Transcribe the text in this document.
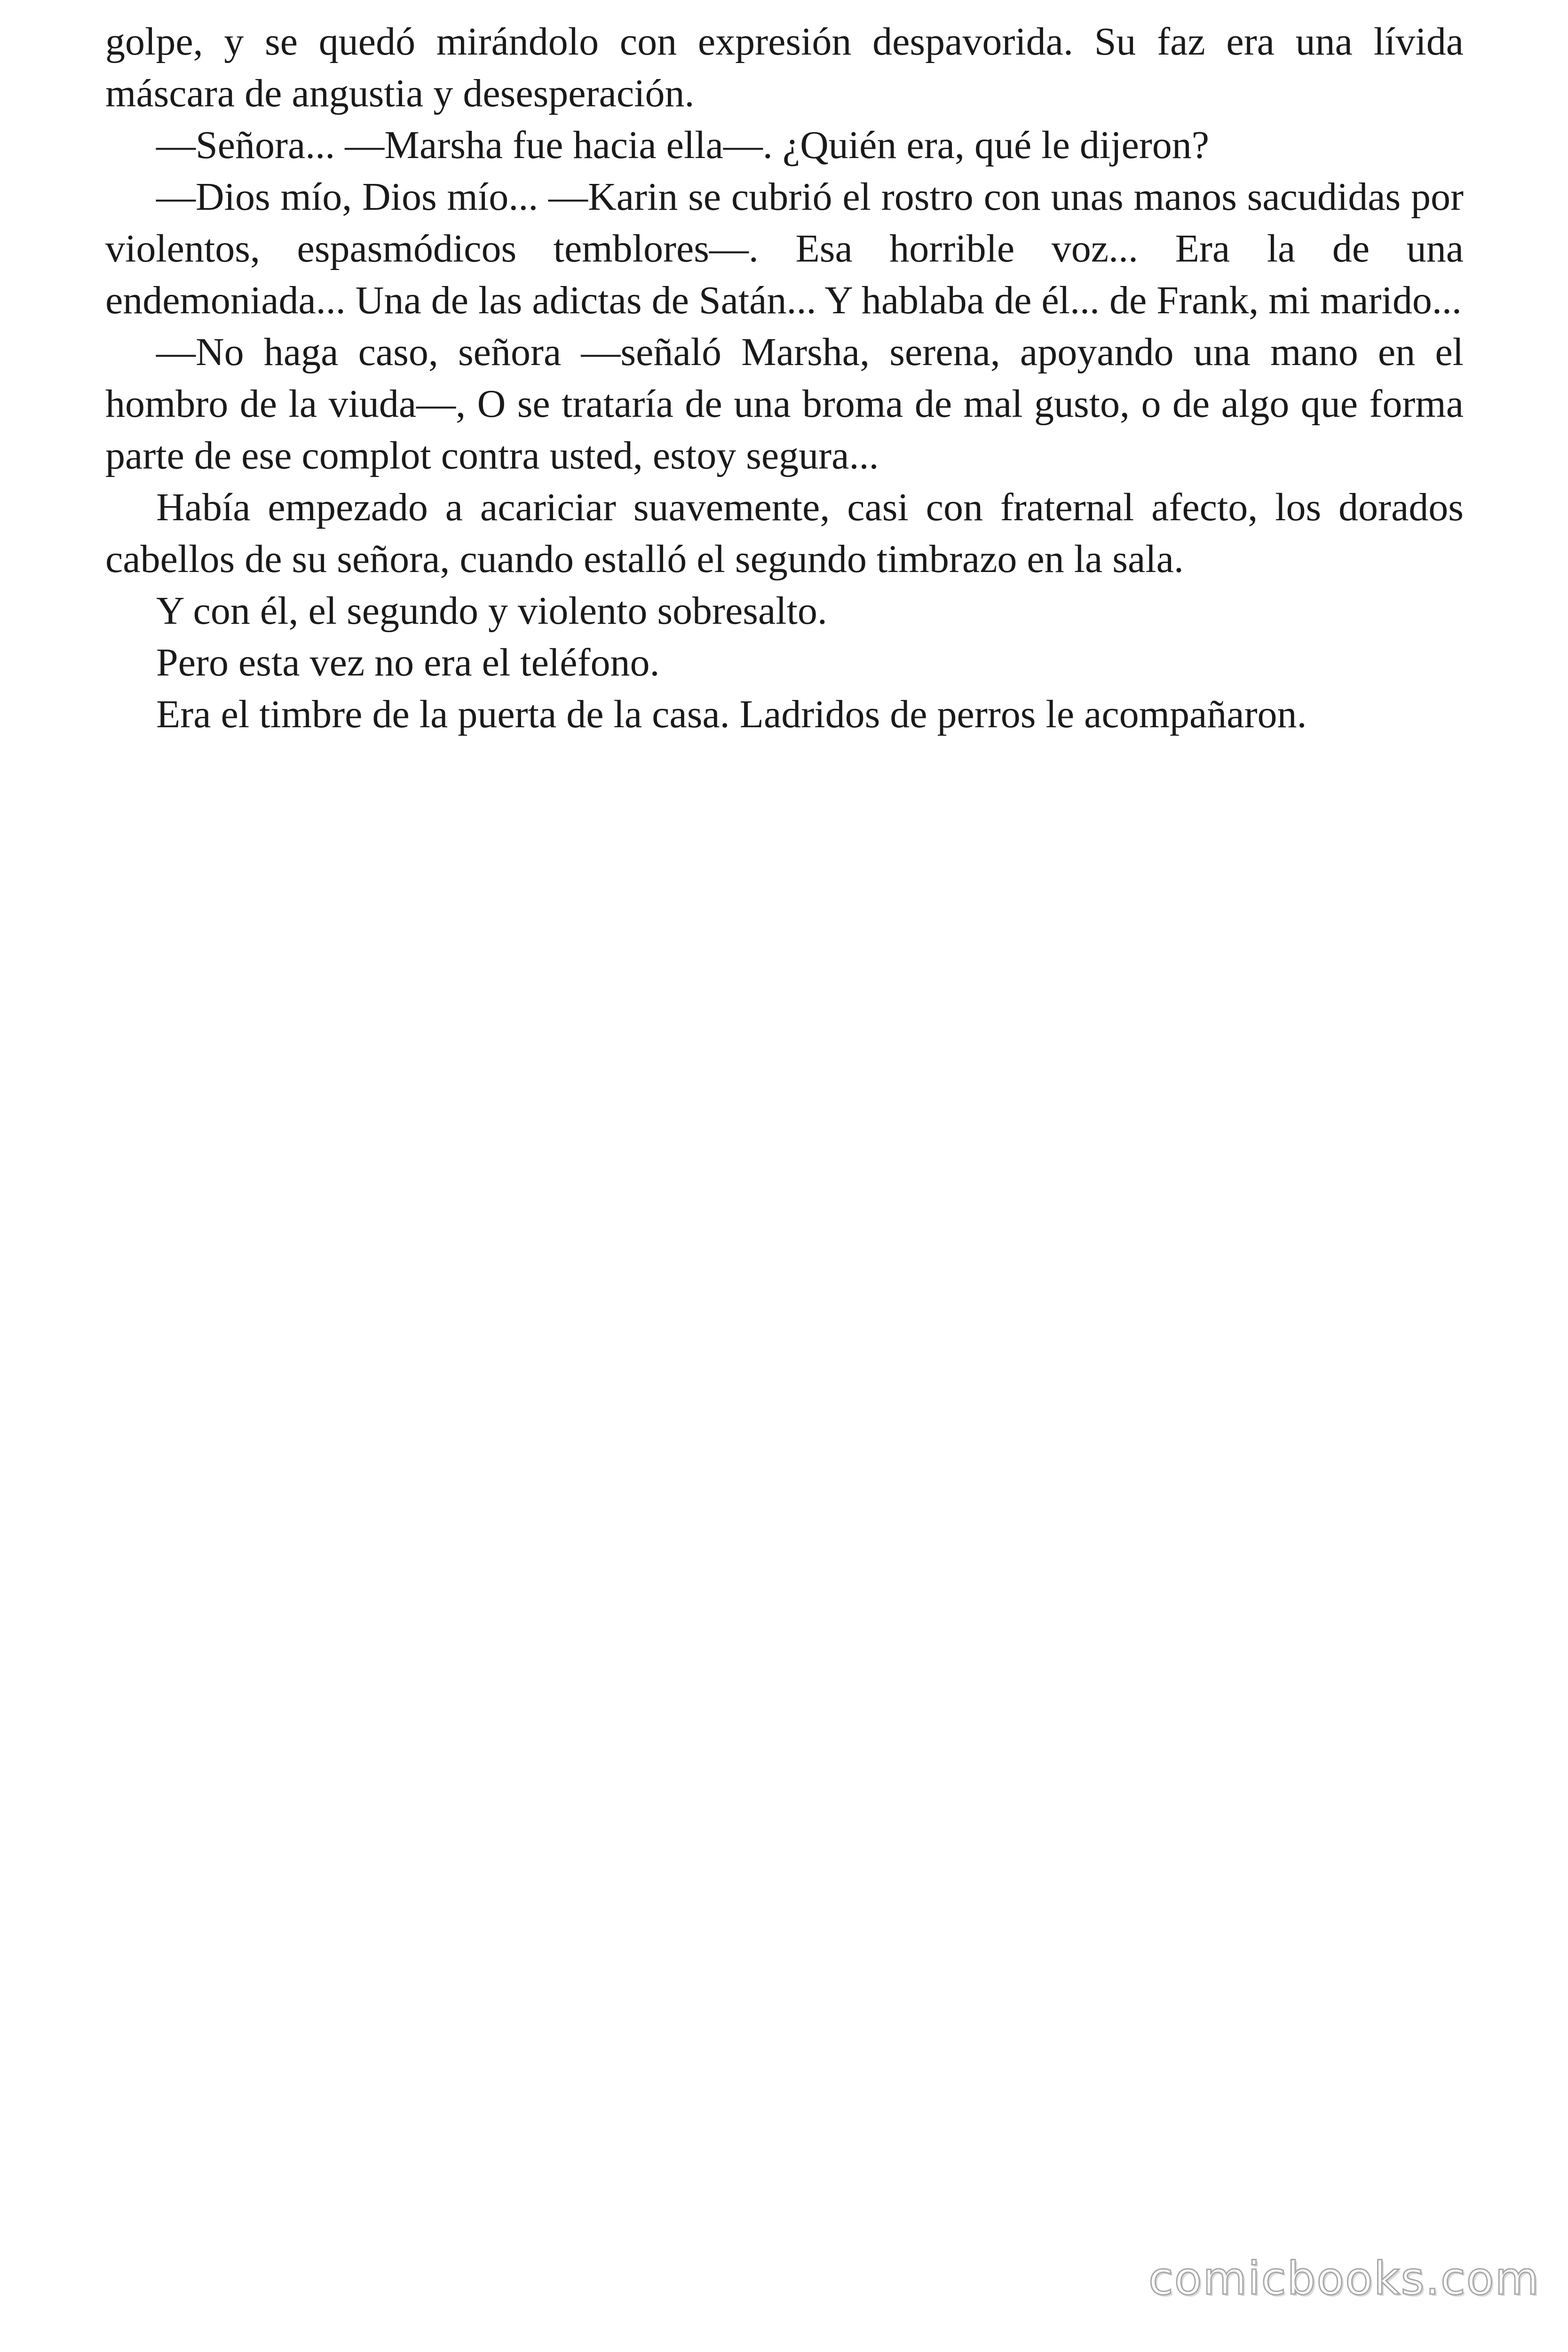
golpe, y se quedó mirándolo con expresión despavorida. Su faz era una lívida máscara de angustia y desesperación.

—Señora... —Marsha fue hacia ella—. ¿Quién era, qué le dijeron?

—Dios mío, Dios mío... —Karin se cubrió el rostro con unas manos sacudidas por violentos, espasmódicos temblores—. Esa horrible voz... Era la de una endemoniada... Una de las adictas de Satán... Y hablaba de él... de Frank, mi marido...

—No haga caso, señora —señaló Marsha, serena, apoyando una mano en el hombro de la viuda—, O se trataría de una broma de mal gusto, o de algo que forma parte de ese complot contra usted, estoy segura...

Había empezado a acariciar suavemente, casi con fraternal afecto, los dorados cabellos de su señora, cuando estalló el segundo timbrazo en la sala.

Y con él, el segundo y violento sobresalto.

Pero esta vez no era el teléfono.

Era el timbre de la puerta de la casa. Ladridos de perros le acompañaron.

comicbooks.com
